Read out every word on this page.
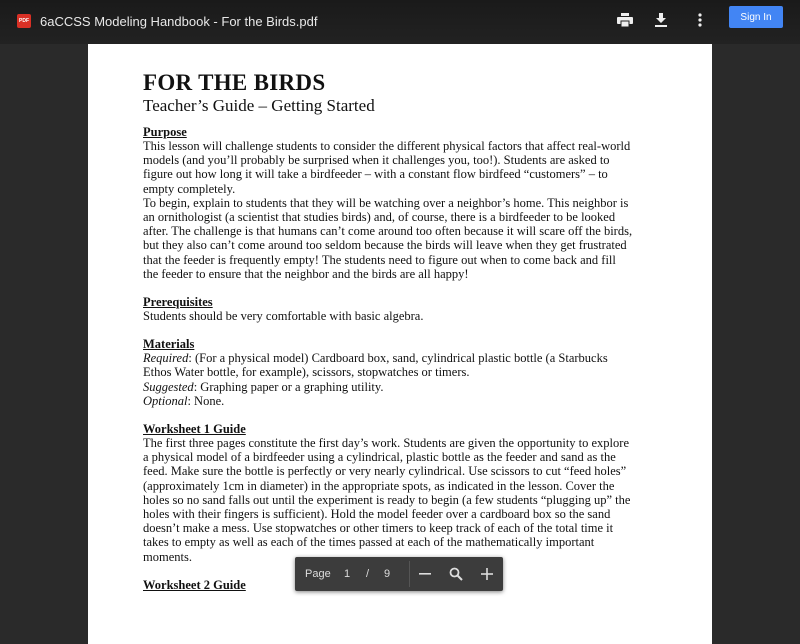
PDF 6aCCSS Modeling Handbook - For the Birds.pdf	Sign In
FOR THE BIRDS
Teacher’s Guide – Getting Started
Purpose
This lesson will challenge students to consider the different physical factors that affect real-world
models (and you’ll probably be surprised when it challenges you, too!). Students are asked to
figure out how long it will take a birdfeeder – with a constant flow birdfeed “customers” – to
empty completely.
To begin, explain to students that they will be watching over a neighbor’s home. This neighbor is
an ornithologist (a scientist that studies birds) and, of course, there is a birdfeeder to be looked
after. The challenge is that humans can’t come around too often because it will scare off the birds,
but they also can’t come around too seldom because the birds will leave when they get frustrated
that the feeder is frequently empty! The students need to figure out when to come back and fill
the feeder to ensure that the neighbor and the birds are all happy!
Prerequisites
Students should be very comfortable with basic algebra.
Materials
Required: (For a physical model) Cardboard box, sand, cylindrical plastic bottle (a Starbucks
Ethos Water bottle, for example), scissors, stopwatches or timers.
Suggested: Graphing paper or a graphing utility.
Optional: None.
Worksheet 1 Guide
The first three pages constitute the first day’s work. Students are given the opportunity to explore
a physical model of a birdfeeder using a cylindrical, plastic bottle as the feeder and sand as the
feed. Make sure the bottle is perfectly or very nearly cylindrical. Use scissors to cut “feed holes”
(approximately 1cm in diameter) in the appropriate spots, as indicated in the lesson. Cover the
holes so no sand falls out until the experiment is ready to begin (a few students “plugging up” the
holes with their fingers is sufficient). Hold the model feeder over a cardboard box so the sand
doesn’t make a mess. Use stopwatches or other timers to keep track of each of the total time it
takes to empty as well as each of the times passed at each of the mathematically important
moments.
Worksheet 2 Guide
Page 1 / 9
